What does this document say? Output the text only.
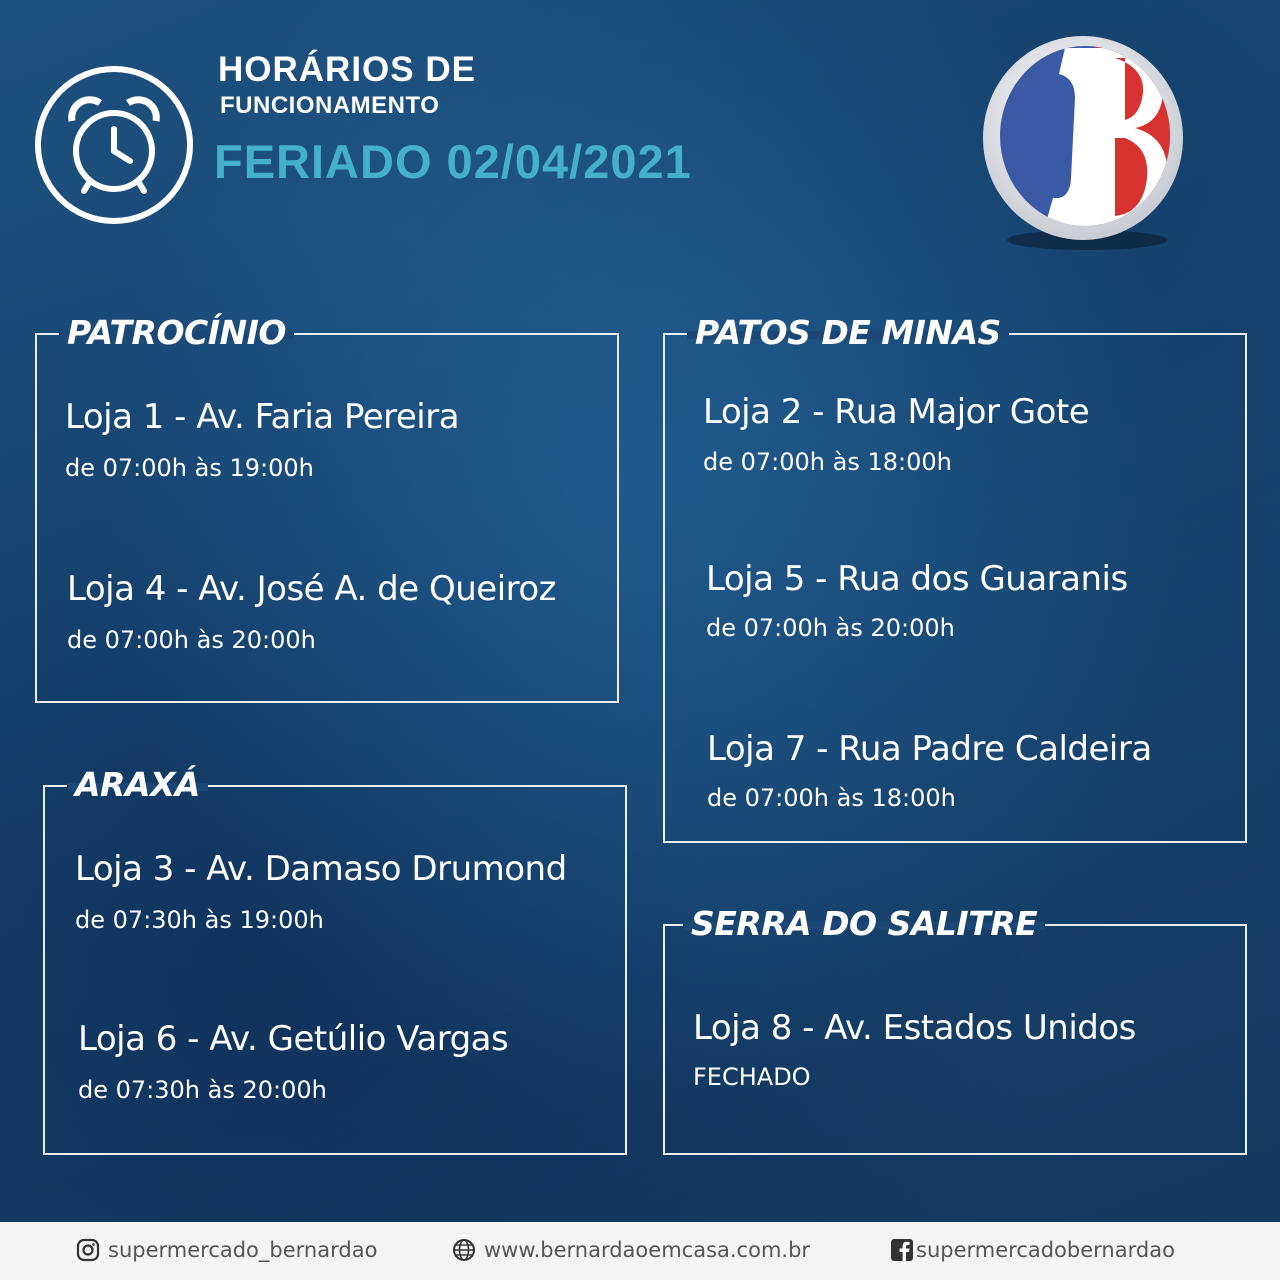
HORÁRIOS DE
FUNCIONAMENTO
FERIADO 02/04/2021
PATROCÍNIO

Loja 1 - Av. Faria Pereira

de 07:00h às 19:00h

Loja 4 - Av. José A. de Queiroz

de 07:00h às 20:00h

ARAXÁ

Loja 3 - Av. Damaso Drumond

de 07:30h às 19:00h

Loja 6 - Av. Getúlio Vargas

de 07:30h às 20:00h

PATOS DE MINAS

Loja 2 - Rua Major Gote

de 07:00h às 18:00h

Loja 5 - Rua dos Guaranis

de 07:00h às 20:00h

Loja 7 - Rua Padre Caldeira

de 07:00h às 18:00h

SERRA DO SALITRE

Loja 8 - Av. Estados Unidos

FECHADO

supermercado_bernardao	www.bernardaoemcasa.com.br	supermercadobernardao
